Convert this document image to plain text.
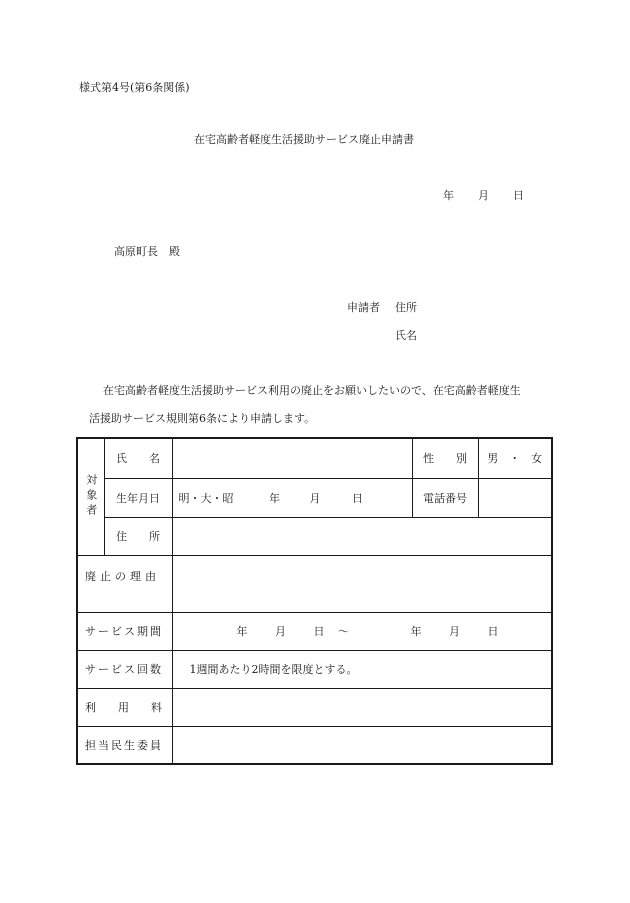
様式第4号(第6条関係)
在宅高齢者軽度生活援助サービス廃止申請書
年 月 日
高原町長　殿
申請者 住所
氏名
在宅高齢者軽度生活援助サービス利用の廃止をお願いしたいので、在宅高齢者軽度生
活援助サービス規則第6条により申請します。
対象者	氏　　名		性　　別	男　・　女

	生年月日	明・大・昭 年 月 日	電話番号	

	住　　所			

廃止の理由				

サービス期間		年 月 日 ～ 年 月 日		

サービス回数		1週間あたり2時間を限度とする。		

利　　用　　料				

担当民生委員				
